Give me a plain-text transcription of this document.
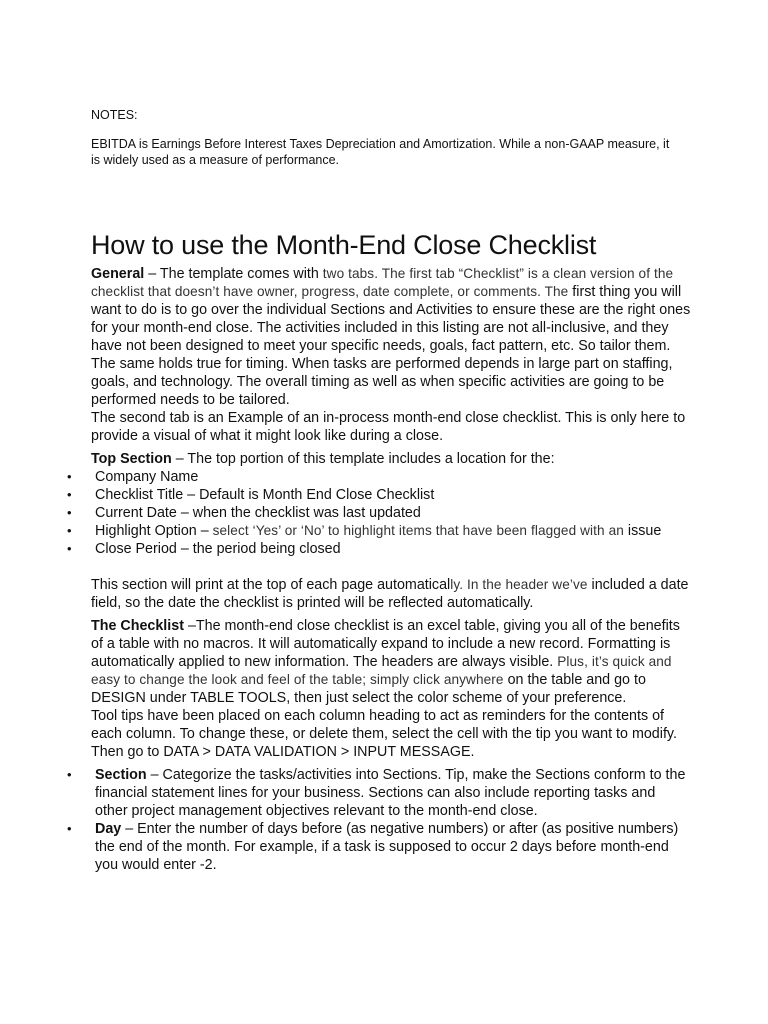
NOTES:
EBITDA is Earnings Before Interest Taxes Depreciation and Amortization. While a non-GAAP measure, it is widely used as a measure of performance.
How to use the Month-End Close Checklist

General – The template comes with two tabs. The first tab “Checklist” is a clean version of the checklist that doesn’t have owner, progress, date complete, or comments. The first thing you will want to do is to go over the individual Sections and Activities to ensure these are the right ones for your month-end close. The activities included in this listing are not all-inclusive, and they have not been designed to meet your specific needs, goals, fact pattern, etc. So tailor them. The same holds true for timing. When tasks are performed depends in large part on staffing, goals, and technology. The overall timing as well as when specific activities are going to be performed needs to be tailored.

The second tab is an Example of an in-process month-end close checklist. This is only here to provide a visual of what it might look like during a close.

Top Section – The top portion of this template includes a location for the:

• Company Name
• Checklist Title – Default is Month End Close Checklist
• Current Date – when the checklist was last updated
• Highlight Option – select ‘Yes’ or ‘No’ to highlight items that have been flagged with an issue
• Close Period – the period being closed

This section will print at the top of each page automatically. In the header we’ve included a date field, so the date the checklist is printed will be reflected automatically.

The Checklist –The month-end close checklist is an excel table, giving you all of the benefits of a table with no macros. It will automatically expand to include a new record. Formatting is automatically applied to new information. The headers are always visible. Plus, it’s quick and easy to change the look and feel of the table; simply click anywhere on the table and go to DESIGN under TABLE TOOLS, then just select the color scheme of your preference.

Tool tips have been placed on each column heading to act as reminders for the contents of each column. To change these, or delete them, select the cell with the tip you want to modify. Then go to DATA > DATA VALIDATION > INPUT MESSAGE.

• Section – Categorize the tasks/activities into Sections. Tip, make the Sections conform to the financial statement lines for your business. Sections can also include reporting tasks and other project management objectives relevant to the month-end close.
• Day – Enter the number of days before (as negative numbers) or after (as positive numbers) the end of the month. For example, if a task is supposed to occur 2 days before month-end you would enter -2.
